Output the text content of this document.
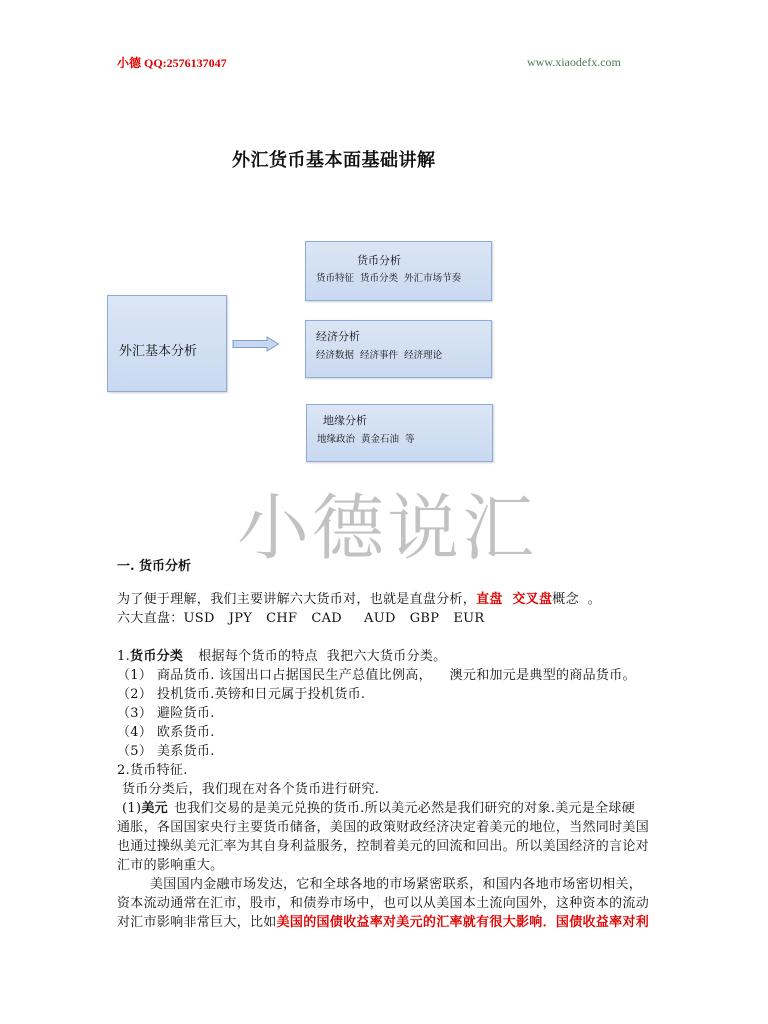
小德 QQ:2576137047	www.xiaodefx.com
外汇货币基本面基础讲解
外汇基本分析
货币分析
货币特征  货币分类  外汇市场节奏
经济分析
经济数据  经济事件  经济理论
地缘分析
地缘政治  黄金石油  等
小德说汇
一. 货币分析
为了便于理解，我们主要讲解六大货币对，也就是直盘分析，直盘  交叉盘概念  。
六大直盘：USD JPY CHF CAD AUD GBP EUR
1.货币分类 根据每个货币的特点  我把六大货币分类。
（1） 商品货币. 该国出口占据国民生产总值比例高，    澳元和加元是典型的商品货币。
（2） 投机货币.英镑和日元属于投机货币.
（3） 避险货币.
（4） 欧系货币.
（5） 美系货币.
2.货币特征.
货币分类后，我们现在对各个货币进行研究.
(1)美元 也我们交易的是美元兑换的货币.所以美元必然是我们研究的对象.美元是全球硬
通胀，各国国家央行主要货币储备，美国的政策财政经济决定着美元的地位，当然同时美国
也通过操纵美元汇率为其自身利益服务，控制着美元的回流和回出。所以美国经济的言论对
汇市的影响重大。
美国国内金融市场发达，它和全球各地的市场紧密联系，和国内各地市场密切相关，
资本流动通常在汇市，股市，和债券市场中，也可以从美国本土流向国外，这种资本的流动
对汇市影响非常巨大，比如美国的国债收益率对美元的汇率就有很大影响．国债收益率对利
